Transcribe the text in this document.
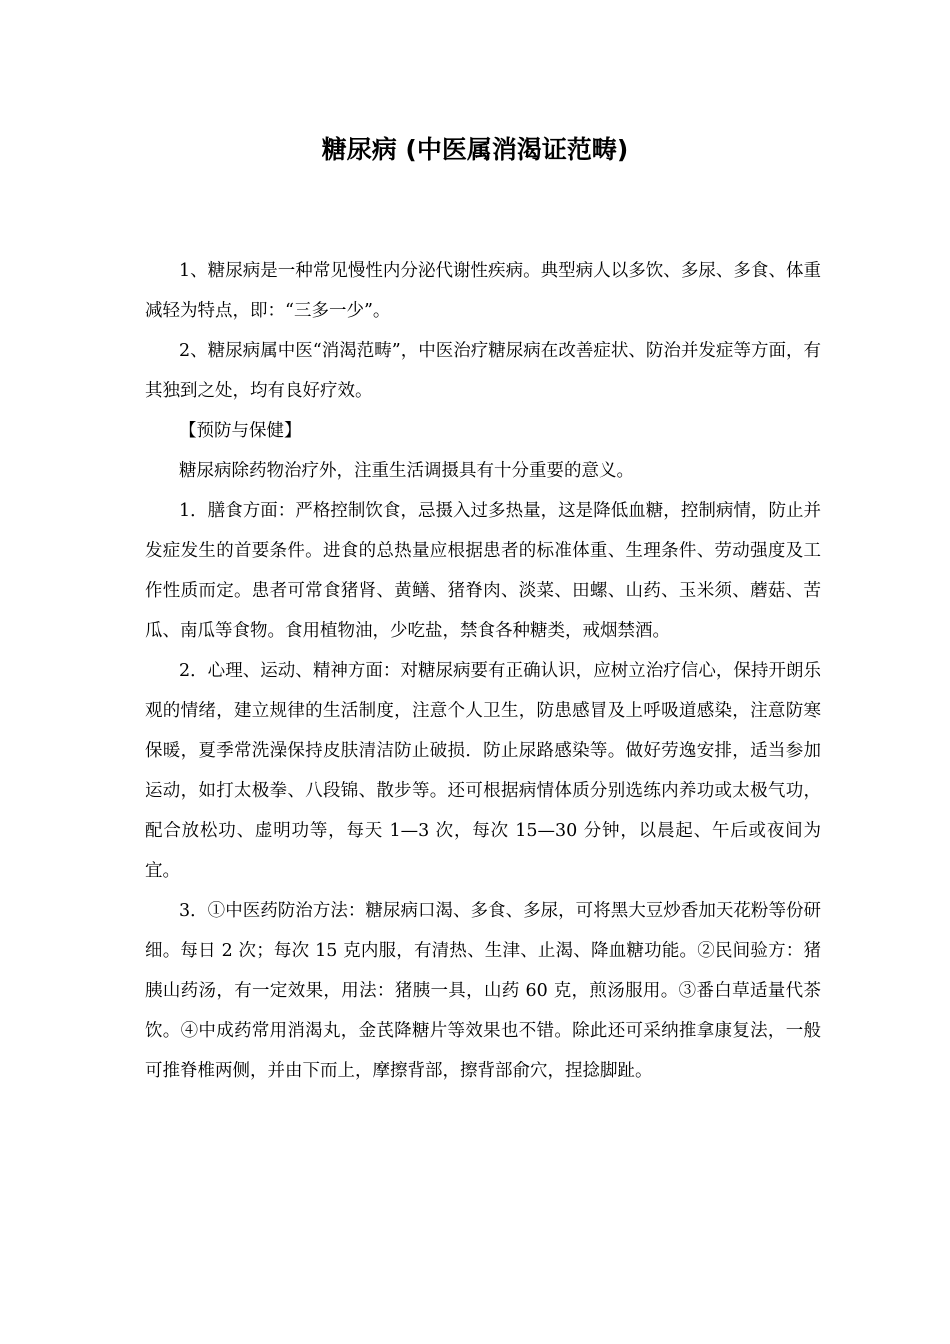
糖尿病 (中医属消渴证范畴)

1、糖尿病是一种常见慢性内分泌代谢性疾病。典型病人以多饮、多尿、多食、体重减轻为特点，即：“三多一少”。

2、糖尿病属中医“消渴范畴”，中医治疗糖尿病在改善症状、防治并发症等方面，有其独到之处，均有良好疗效。

【预防与保健】

糖尿病除药物治疗外，注重生活调摄具有十分重要的意义。

1．膳食方面：严格控制饮食，忌摄入过多热量，这是降低血糖，控制病情，防止并发症发生的首要条件。进食的总热量应根据患者的标准体重、生理条件、劳动强度及工作性质而定。患者可常食猪肾、黄鳝、猪脊肉、淡菜、田螺、山药、玉米须、蘑菇、苦瓜、南瓜等食物。食用植物油，少吃盐，禁食各种糖类，戒烟禁酒。

2．心理、运动、精神方面：对糖尿病要有正确认识，应树立治疗信心，保持开朗乐观的情绪，建立规律的生活制度，注意个人卫生，防患感冒及上呼吸道感染，注意防寒保暖，夏季常洗澡保持皮肤清洁防止破损．防止尿路感染等。做好劳逸安排，适当参加运动，如打太极拳、八段锦、散步等。还可根据病情体质分别选练内养功或太极气功，配合放松功、虚明功等，每天 1—3 次，每次 15—30 分钟，以晨起、午后或夜间为宜。

3．①中医药防治方法：糖尿病口渴、多食、多尿，可将黑大豆炒香加天花粉等份研细。每日 2 次；每次 15 克内服，有清热、生津、止渴、降血糖功能。②民间验方：猪胰山药汤，有一定效果，用法：猪胰一具，山药 60 克，煎汤服用。③番白草适量代茶饮。④中成药常用消渴丸，金芪降糖片等效果也不错。除此还可采纳推拿康复法，一般可推脊椎两侧，并由下而上，摩擦背部，擦背部俞穴，捏捻脚趾。
